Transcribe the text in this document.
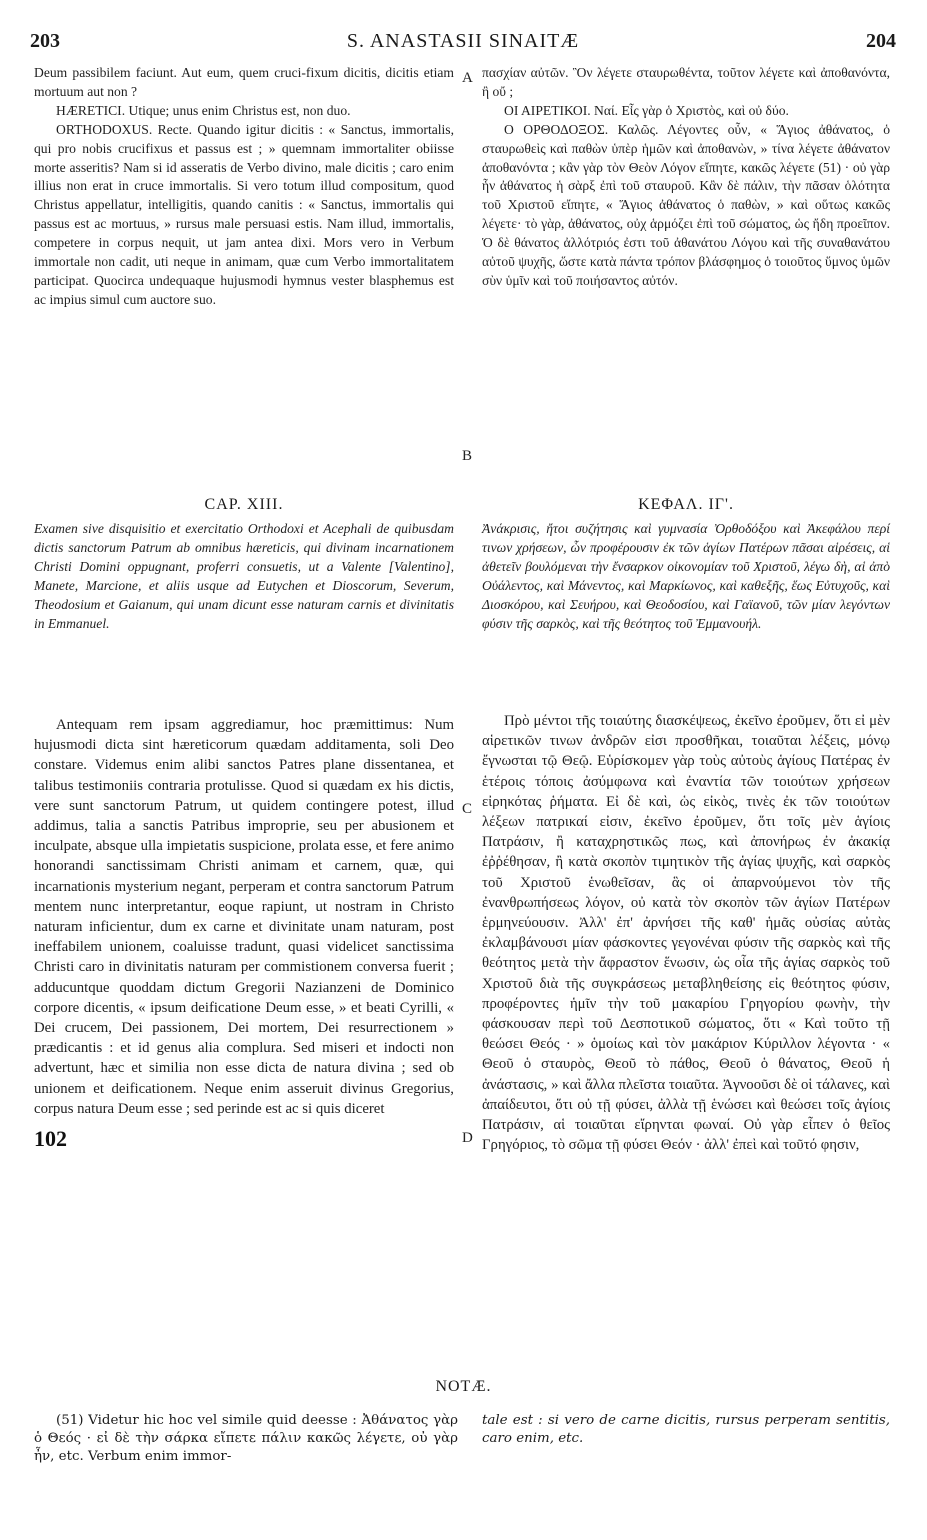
203	S. ANASTASII SINAITÆ	204

Deum passibilem faciunt. Aut eum, quem cruci-fixum dicitis, dicitis etiam mortuum aut non ?

HÆRETICI. Utique; unus enim Christus est, non duo.

ORTHODOXUS. Recte. Quando igitur dicitis : « Sanctus, immortalis, qui pro nobis crucifixus et passus est ; » quemnam immortaliter obiisse morte asseritis? Nam si id asseratis de Verbo divino, male dicitis ; caro enim illius non erat in cruce immortalis. Si vero totum illud compositum, quod Christus appellatur, intelligitis, quando canitis : « Sanctus, immortalis qui passus est ac mortuus, » rursus male persuasi estis. Nam illud, immortalis, competere in corpus nequit, ut jam antea dixi. Mors vero in Verbum immortale non cadit, uti neque in animam, quæ cum Verbo immortalitatem participat. Quocirca undequaque hujusmodi hymnus vester blasphemus est ac impius simul cum auctore suo.

πασχίαν αὐτῶν. Ὃν λέγετε σταυρωθέντα, τοῦτον λέγετε καὶ ἀποθανόντα, ἢ οὔ ;

ΟΙ ΑΙΡΕΤΙΚΟΙ. Ναί. Εἷς γὰρ ὁ Χριστὸς, καὶ οὐ δύο.

Ο ΟΡΘΟΔΟΞΟΣ. Καλῶς. Λέγοντες οὖν, « Ἅγιος ἀθάνατος, ὁ σταυρωθεὶς καὶ παθὼν ὑπὲρ ἡμῶν καὶ ἀποθανὼν, » τίνα λέγετε ἀθάνατον ἀποθανόντα ; κἂν γὰρ τὸν Θεὸν Λόγον εἴπητε, κακῶς λέγετε (51) · οὐ γὰρ ἦν ἀθάνατος ἡ σὰρξ ἐπὶ τοῦ σταυροῦ. Κἂν δὲ πάλιν, τὴν πᾶσαν ὁλότητα τοῦ Χριστοῦ εἴπητε, « Ἅγιος ἀθάνατος ὁ παθὼν, » καὶ οὕτως κακῶς λέγετε· τὸ γὰρ, ἀθάνατος, οὐχ ἁρμόζει ἐπὶ τοῦ σώματος, ὡς ἤδη προεῖπον. Ὁ δὲ θάνατος ἀλλότριός ἐστι τοῦ ἀθανάτου Λόγου καὶ τῆς συναθανάτου αὐτοῦ ψυχῆς, ὥστε κατὰ πάντα τρόπον βλάσφημος ὁ τοιοῦτος ὕμνος ὑμῶν σὺν ὑμῖν καὶ τοῦ ποιήσαντος αὐτόν.

CAP. XIII.	ΚΕΦΑΛ. ΙΓ'.

Examen sive disquisitio et exercitatio Orthodoxi et Acephali de quibusdam dictis sanctorum Patrum ab omnibus hæreticis, qui divinam incarnationem Christi Domini oppugnant, proferri consuetis, ut a Valente [Valentino], Manete, Marcione, et aliis usque ad Eutychen et Dioscorum, Severum, Theodosium et Gaianum, qui unam dicunt esse naturam carnis et divinitatis in Emmanuel.

Ἀνάκρισις, ἤτοι συζήτησις καὶ γυμνασία Ὀρθοδόξου καὶ Ἀκεφάλου περί τινων χρήσεων, ὧν προφέρουσιν ἐκ τῶν ἁγίων Πατέρων πᾶσαι αἱρέσεις, αἱ ἀθετεῖν βουλόμεναι τὴν ἔνσαρκον οἰκονομίαν τοῦ Χριστοῦ, λέγω δὴ, αἱ ἀπὸ Οὐάλεντος, καὶ Μάνεντος, καὶ Μαρκίωνος, καὶ καθεξῆς, ἕως Εὐτυχοῦς, καὶ Διοσκόρου, καὶ Σευήρου, καὶ Θεοδοσίου, καὶ Γαϊανοῦ, τῶν μίαν λεγόντων φύσιν τῆς σαρκὸς, καὶ τῆς θεότητος τοῦ Ἐμμανουήλ.

Antequam rem ipsam aggrediamur, hoc præmittimus: Num hujusmodi dicta sint hæreticorum quædam additamenta, soli Deo constare. Videmus enim alibi sanctos Patres plane dissentanea, et talibus testimoniis contraria protulisse. Quod si quædam ex his dictis, vere sunt sanctorum Patrum, ut quidem contingere potest, illud addimus, talia a sanctis Patribus improprie, seu per abusionem et inculpate, absque ulla impietatis suspicione, prolata esse, et fere animo honorandi sanctissimam Christi animam et carnem, quæ, qui incarnationis mysterium negant, perperam et contra sanctorum Patrum mentem nunc interpretantur, eoque rapiunt, ut nostram in Christo naturam inficientur, dum ex carne et divinitate unam naturam, post ineffabilem unionem, coaluisse tradunt, quasi videlicet sanctissima Christi caro in divinitatis naturam per commistionem conversa fuerit ; adducuntque quoddam dictum Gregorii Nazianzeni de Dominico corpore dicentis, « ipsum deificatione Deum esse, » et beati Cyrilli, « Dei crucem, Dei passionem, Dei mortem, Dei resurrectionem » prædicantis : et id genus alia complura. Sed miseri et indocti non advertunt, hæc et similia non esse dicta de natura divina ; sed ob unionem et deificationem. Neque enim asseruit divinus Gregorius, corpus natura Deum esse ; sed perinde est ac si quis diceret

Πρὸ μέντοι τῆς τοιαύτης διασκέψεως, ἐκεῖνο ἐροῦμεν, ὅτι εἰ μὲν αἱρετικῶν τινων ἀνδρῶν εἰσι προσθῆκαι, τοιαῦται λέξεις, μόνῳ ἔγνωσται τῷ Θεῷ. Εὑρίσκομεν γὰρ τοὺς αὐτοὺς ἁγίους Πατέρας ἐν ἑτέροις τόποις ἀσύμφωνα καὶ ἐναντία τῶν τοιούτων χρήσεων εἰρηκότας ῥήματα. Εἰ δὲ καὶ, ὡς εἰκὸς, τινὲς ἐκ τῶν τοιούτων λέξεων πατρικαί εἰσιν, ἐκεῖνο ἐροῦμεν, ὅτι τοῖς μὲν ἁγίοις Πατράσιν, ἢ καταχρηστικῶς πως, καὶ ἀπονήρως ἐν ἀκακίᾳ ἐῤῥέθησαν, ἢ κατὰ σκοπὸν τιμητικὸν τῆς ἁγίας ψυχῆς, καὶ σαρκὸς τοῦ Χριστοῦ ἑνωθεῖσαν, ἃς οἱ ἀπαρνούμενοι τὸν τῆς ἐνανθρωπήσεως λόγον, οὐ κατὰ τὸν σκοπὸν τῶν ἁγίων Πατέρων ἑρμηνεύουσιν. Ἀλλ' ἐπ' ἀρνήσει τῆς καθ' ἡμᾶς οὐσίας αὐτὰς ἐκλαμβάνουσι μίαν φάσκοντες γεγονέναι φύσιν τῆς σαρκὸς καὶ τῆς θεότητος μετὰ τὴν ἄφραστον ἕνωσιν, ὡς οἷα τῆς ἁγίας σαρκὸς τοῦ Χριστοῦ διὰ τῆς συγκράσεως μεταβληθείσης εἰς θεότητος φύσιν, προφέροντες ἡμῖν τὴν τοῦ μακαρίου Γρηγορίου φωνὴν, τὴν φάσκουσαν περὶ τοῦ Δεσποτικοῦ σώματος, ὅτι « Καὶ τοῦτο τῇ θεώσει Θεός · » ὁμοίως καὶ τὸν μακάριον Κύριλλον λέγοντα · « Θεοῦ ὁ σταυρὸς, Θεοῦ τὸ πάθος, Θεοῦ ὁ θάνατος, Θεοῦ ἡ ἀνάστασις, » καὶ ἄλλα πλεῖστα τοιαῦτα. Ἀγνοοῦσι δὲ οἱ τάλανες, καὶ ἀπαίδευτοι, ὅτι οὐ τῇ φύσει, ἀλλὰ τῇ ἑνώσει καὶ θεώσει τοῖς ἁγίοις Πατράσιν, αἱ τοιαῦται εἴρηνται φωναί. Οὐ γὰρ εἶπεν ὁ θεῖος Γρηγόριος, τὸ σῶμα τῇ φύσει Θεόν · ἀλλ' ἐπεὶ καὶ τοῦτό φησιν,

A
B
C
D
102
NOTÆ.

(51) Videtur hic hoc vel simile quid deesse : Ἀθάνατος γὰρ ὁ Θεός · εἰ δὲ τὴν σάρκα εἴπετε πάλιν κακῶς λέγετε, οὐ γὰρ ἦν, etc. Verbum enim immor-

tale est : si vero de carne dicitis, rursus perperam sentitis, caro enim, etc.
